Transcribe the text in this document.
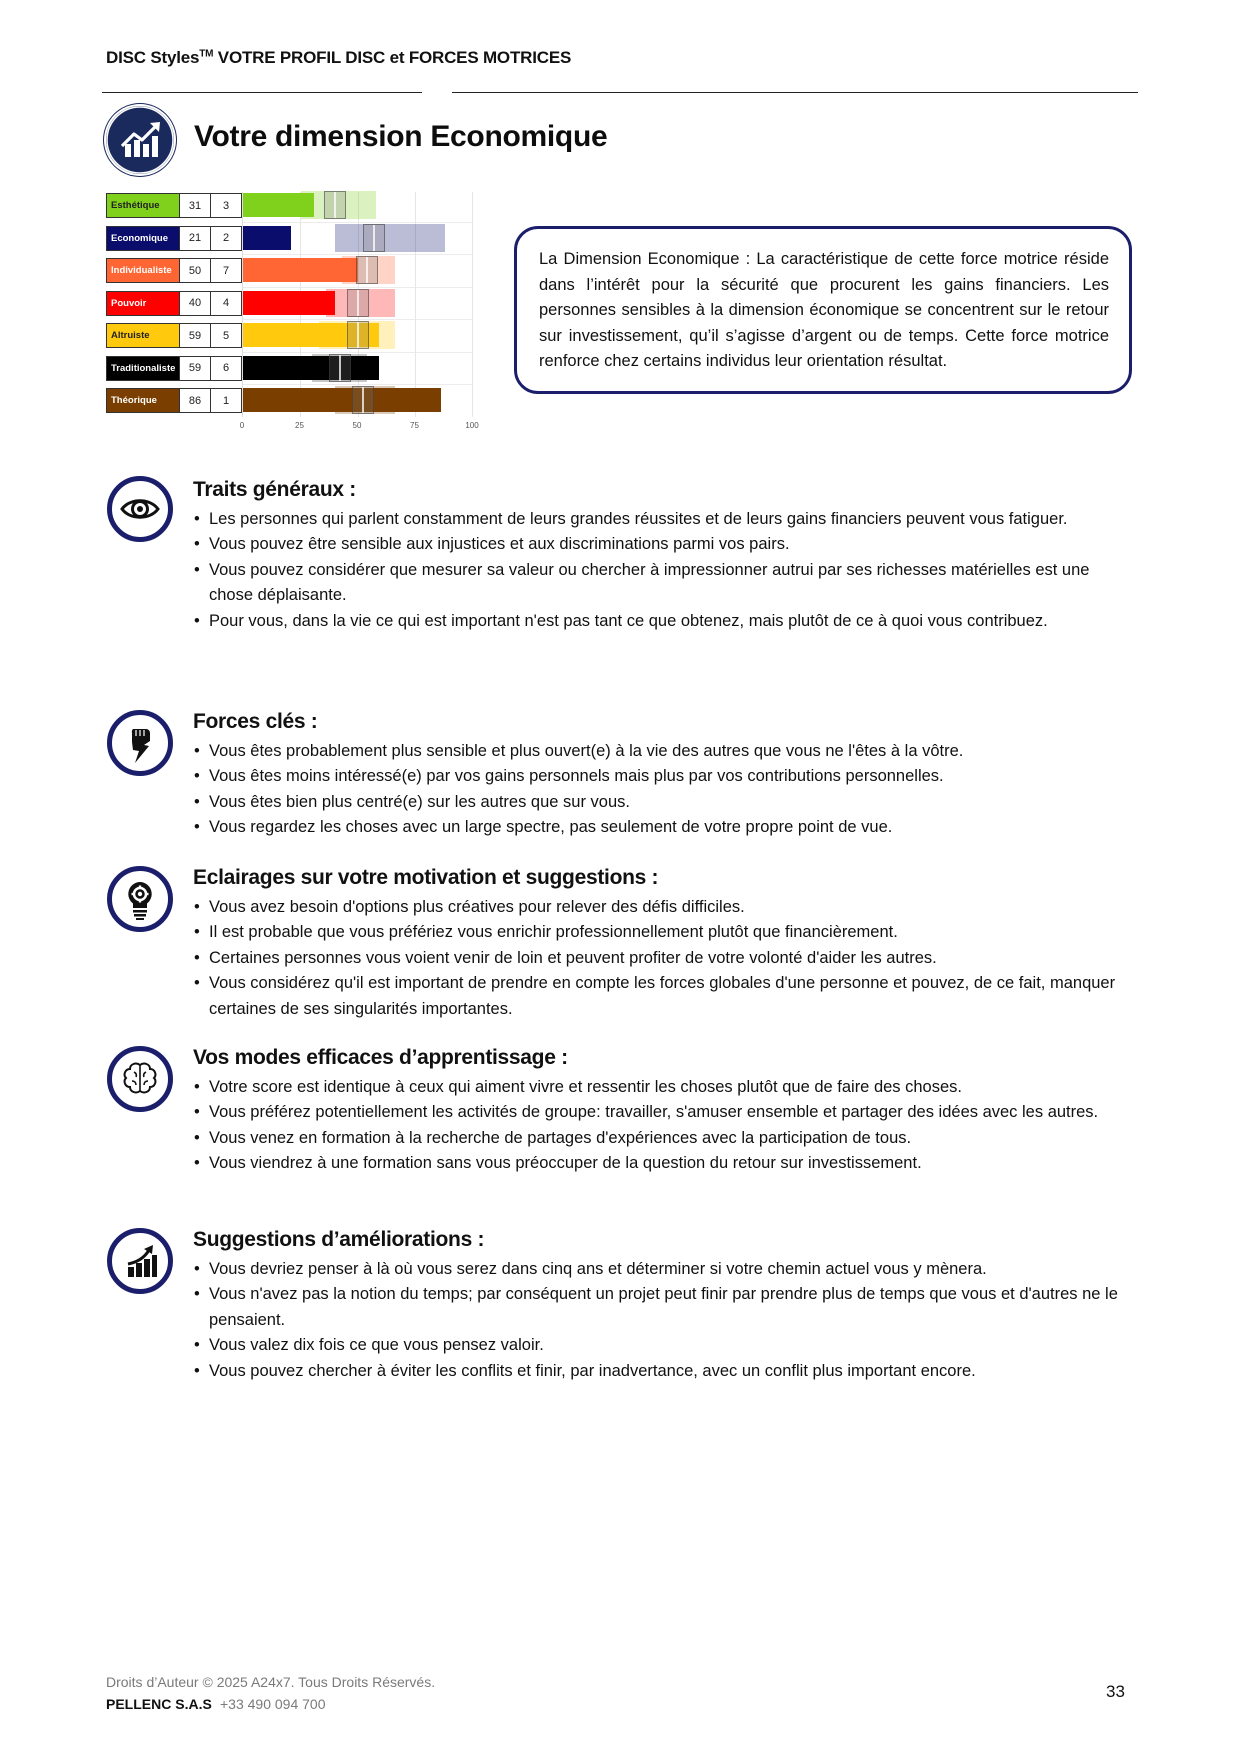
DISC Styles™ VOTRE PROFIL DISC et FORCES MOTRICES
Votre dimension Economique
Esthétique	31	3
Economique	21	2
Individualiste	50	7
Pouvoir	40	4
Altruiste	59	5
Traditionaliste	59	6
Théorique	86	1
0	25	50	75	100
La Dimension Economique : La caractéristique de cette force motrice réside dans l’intérêt pour la sécurité que procurent les gains financiers. Les personnes sensibles à la dimension économique se concentrent sur le retour sur investissement, qu’il s’agisse d’argent ou de temps. Cette force motrice renforce chez certains individus leur orientation résultat.
Traits généraux :
• Les personnes qui parlent constamment de leurs grandes réussites et de leurs gains financiers peuvent vous fatiguer.
• Vous pouvez être sensible aux injustices et aux discriminations parmi vos pairs.
• Vous pouvez considérer que mesurer sa valeur ou chercher à impressionner autrui par ses richesses matérielles est une chose déplaisante.
• Pour vous, dans la vie ce qui est important n'est pas tant ce que obtenez, mais plutôt de ce à quoi vous contribuez.
Forces clés :
• Vous êtes probablement plus sensible et plus ouvert(e) à la vie des autres que vous ne l'êtes à la vôtre.
• Vous êtes moins intéressé(e) par vos gains personnels mais plus par vos contributions personnelles.
• Vous êtes bien plus centré(e) sur les autres que sur vous.
• Vous regardez les choses avec un large spectre, pas seulement de votre propre point de vue.
Eclairages sur votre motivation et suggestions :
• Vous avez besoin d'options plus créatives pour relever des défis difficiles.
• Il est probable que vous préfériez vous enrichir professionnellement plutôt que financièrement.
• Certaines personnes vous voient venir de loin et peuvent profiter de votre volonté d'aider les autres.
• Vous considérez qu'il est important de prendre en compte les forces globales d'une personne et pouvez, de ce fait, manquer certaines de ses singularités importantes.
Vos modes efficaces d’apprentissage :
• Votre score est identique à ceux qui aiment vivre et ressentir les choses plutôt que de faire des choses.
• Vous préférez potentiellement les activités de groupe: travailler, s'amuser ensemble et partager des idées avec les autres.
• Vous venez en formation à la recherche de partages d'expériences avec la participation de tous.
• Vous viendrez à une formation sans vous préoccuper de la question du retour sur investissement.
Suggestions d’améliorations :
• Vous devriez penser à là où vous serez dans cinq ans et déterminer si votre chemin actuel vous y mènera.
• Vous n'avez pas la notion du temps; par conséquent un projet peut finir par prendre plus de temps que vous et d'autres ne le pensaient.
• Vous valez dix fois ce que vous pensez valoir.
• Vous pouvez chercher à éviter les conflits et finir, par inadvertance, avec un conflit plus important encore.
Droits d’Auteur © 2025 A24x7. Tous Droits Réservés.
PELLENC S.A.S +33 490 094 700
33
